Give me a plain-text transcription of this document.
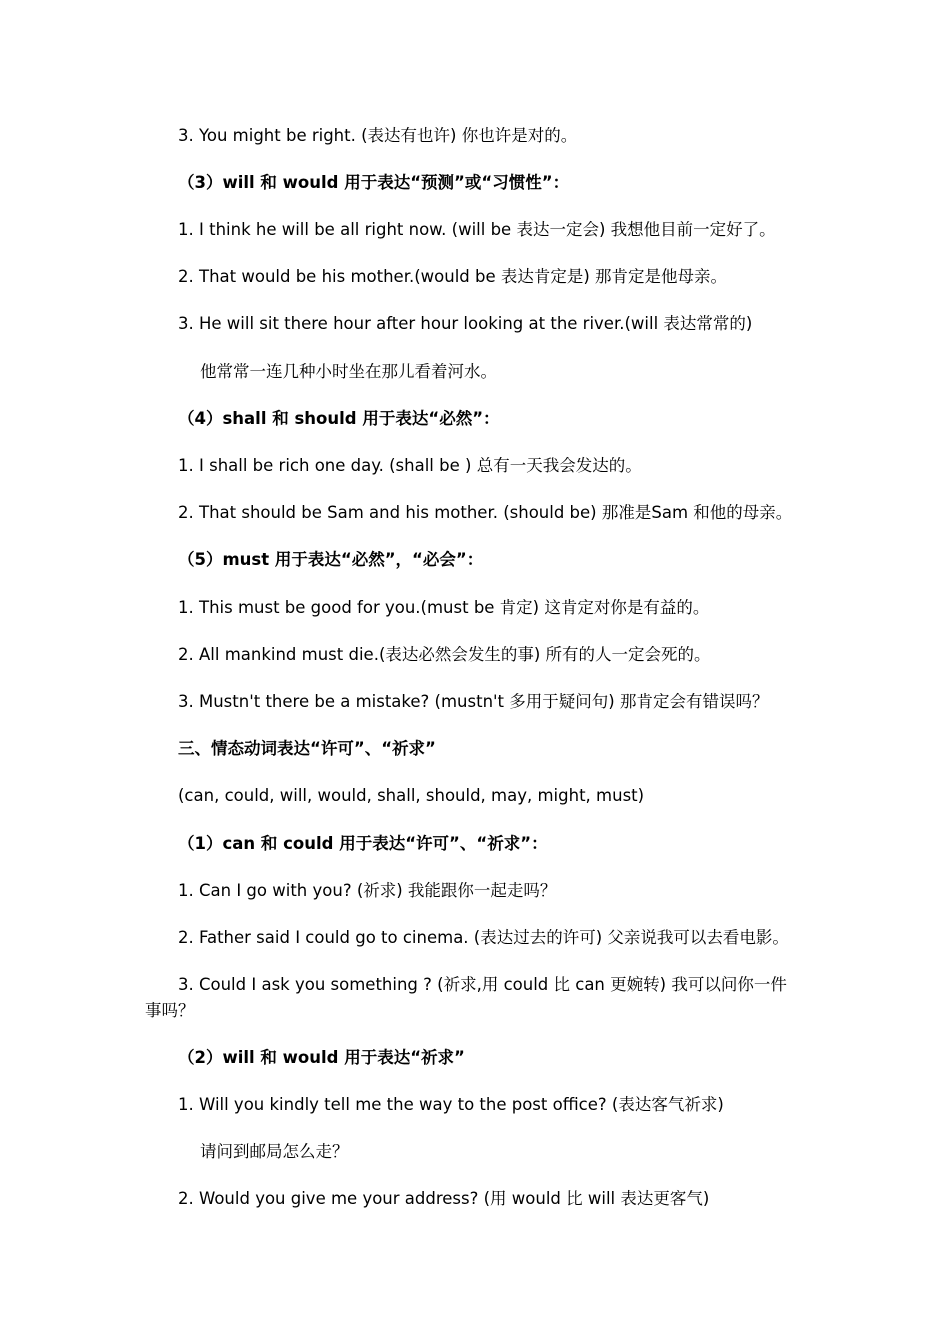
3. You might be right. (表达有也许) 你也许是对的。
（3）will 和 would 用于表达“预测”或“习惯性”：
1. I think he will be all right now. (will be 表达一定会) 我想他目前一定好了。
2. That would be his mother.(would be 表达肯定是) 那肯定是他母亲。
3. He will sit there hour after hour looking at the river.(will 表达常常的)
他常常一连几种小时坐在那儿看着河水。
（4）shall 和 should 用于表达“必然”：
1. I shall be rich one day. (shall be ) 总有一天我会发达的。
2. That should be Sam and his mother. (should be) 那准是Sam 和他的母亲。
（5）must 用于表达“必然”，“必会”：
1. This must be good for you.(must be 肯定) 这肯定对你是有益的。
2. All mankind must die.(表达必然会发生的事) 所有的人一定会死的。
3. Mustn't there be a mistake? (mustn't 多用于疑问句) 那肯定会有错误吗？
三、情态动词表达“许可”、“祈求”
(can, could, will, would, shall, should, may, might, must)
（1）can 和 could 用于表达“许可”、“祈求”：
1. Can I go with you? (祈求) 我能跟你一起走吗？
2. Father said I could go to cinema. (表达过去的许可) 父亲说我可以去看电影。
3. Could I ask you something ? (祈求,用 could 比 can 更婉转) 我可以问你一件
事吗？
（2）will 和 would 用于表达“祈求”
1. Will you kindly tell me the way to the post office? (表达客气祈求)
请问到邮局怎么走？
2. Would you give me your address? (用 would 比 will 表达更客气)
